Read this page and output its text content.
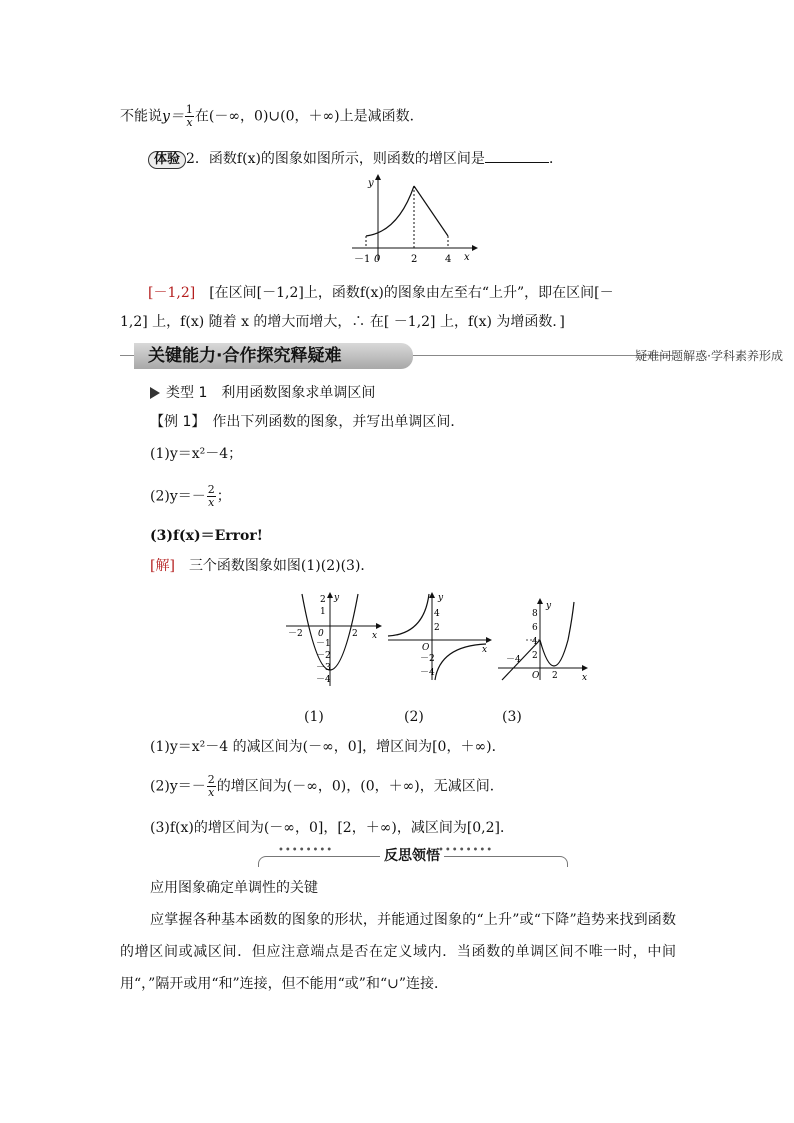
不能说$y= \frac{1}{x}$ 在(－∞，0)∪(0，＋∞)上是减函数．
体验 2．函数f(x)的图象如图所示，则函数的增区间是	．
y
x
－1 0	2	4
[－1,2]　 [在区间[－1,2]上，函数f(x)的图象由左至右“上升”，即在区间[－
1,2] 上，f(x) 随着 x 的增大而增大，∴ 在[ －1,2] 上，f(x) 为增函数．]
关键能力·合作探究释疑难	疑难问题解惑·学科素养形成
类型 1　利用函数图象求单调区间
【例 1】　 作出下列函数的图象，并写出单调区间．
(1)y＝x²－4；
$(2)y=- \frac{2}{x}$ ；
(3)f(x)＝Error!
[解]　 三个函数图象如图(1)(2)(3)．
y
x
2
1
－2 0	2
－1
－2
－3
－4
y
x
4
2
O
－2
－4
y
x
8
6
4
2
－4
O 2
(1)	(2)	(3)
(1)y＝x²－4 的减区间为(－∞，0]，增区间为[0，＋∞)．
$(2)y=- \frac{2}{x}$ 的增区间为(－∞，0)，(0，＋∞)，无减区间．
(3)f(x)的增区间为(－∞，0]，[2，＋∞)，减区间为[0,2]．
••••••••	反思领悟
••••••••
应用图象确定单调性的关键
应掌握各种基本函数的图象的形状，并能通过图象的“上升”或“下降”趋势来找到函数的增区间或减区间．但应注意端点是否在定义域内．当函数的单调区间不唯一时，中间用“，”隔开或用“和”连接，但不能用“或”和“∪”连接．
